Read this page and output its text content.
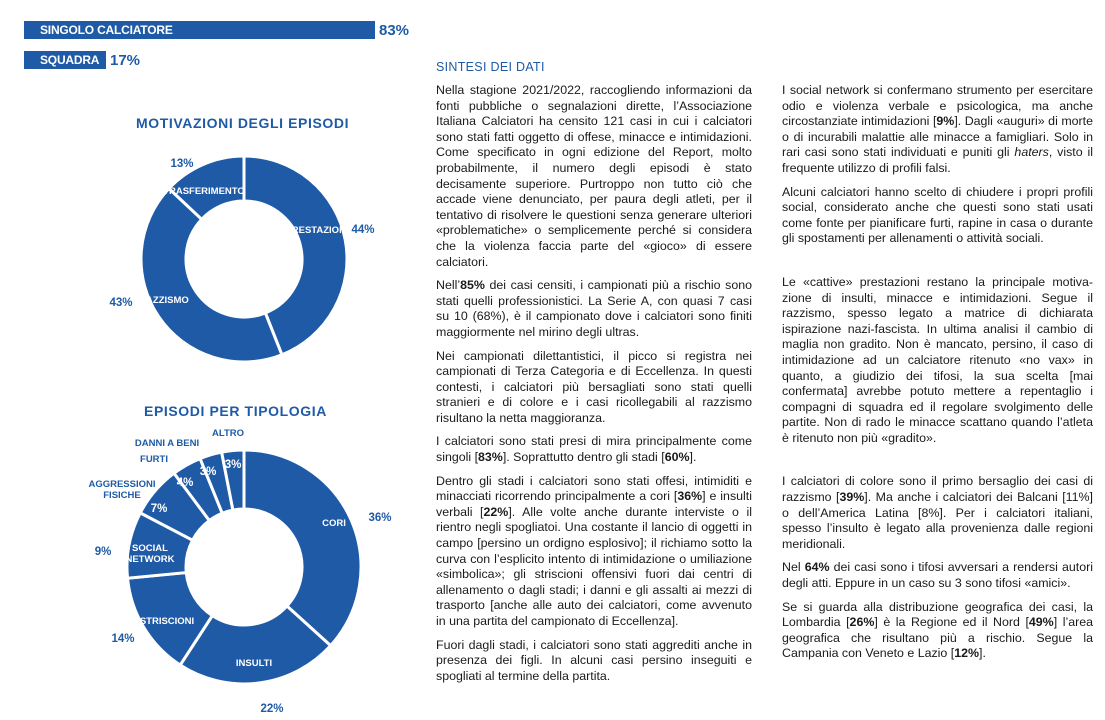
SINGOLO CALCIATORE	83%
SQUADRA 17%
MOTIVAZIONI DEGLI EPISODI
PRESTAZIONI
RAZZISMO
TRASFERIMENTO
44%
43%
13%
EPISODI PER TIPOLOGIA
CORI
INSULTI
STRISCIONI
SOCIAL
NETWORK
AGGRESSIONI
FISICHE
FURTI
DANNI A BENI
ALTRO
36%
22%
14%
9%
7%
4%
3%
3%
SINTESI DEI DATI

Nella stagione 2021/2022, raccogliendo informazioni da fonti pubbliche o segnalazioni dirette, l’Associazione Italiana Calciatori ha censito 121 casi in cui i calciatori sono stati fatti oggetto di offese, minacce e intimidazioni. Come specificato in ogni edizione del Report, molto probabilmente, il numero degli episodi è stato decisamente superiore. Purtroppo non tutto ciò che accade viene denunciato, per paura degli atleti, per il tentativo di risolvere le questioni senza generare ulteriori «problematiche» o semplicemente perché si considera che la violenza faccia parte del «gioco» di essere calciatori.

Nell’85% dei casi censiti, i campionati più a rischio sono stati quelli professionistici. La Serie A, con quasi 7 casi su 10 (68%), è il campionato dove i calciatori sono finiti maggiormente nel mirino degli ultras.

Nei campionati dilettantistici, il picco si registra nei campionati di Terza Categoria e di Eccellenza. In questi contesti, i calciatori più bersagliati sono stati quelli stranieri e di colore e i casi ricollegabili al razzismo risultano la netta maggioranza.

I calciatori sono stati presi di mira principalmente come singoli [83%]. Soprattutto dentro gli stadi [60%].

Dentro gli stadi i calciatori sono stati offesi, intimiditi e minacciati ricorrendo principalmente a cori [36%] e insulti verbali [22%]. Alle volte anche durante interviste o il rientro negli spogliatoi. Una costante il lancio di oggetti in campo [persino un ordigno esplosivo]; il richiamo sotto la curva con l’esplicito intento di intimidazione o umiliazione «simbolica»; gli striscioni offensivi fuori dai centri di allenamento o dagli stadi; i danni e gli assalti ai mezzi di trasporto [anche alle auto dei calciatori, come avvenuto in una partita del campionato di Eccellenza].

Fuori dagli stadi, i calciatori sono stati aggrediti anche in presenza dei figli. In alcuni casi persino inseguiti e spogliati al termine della partita.

I social network si confermano strumento per esercitare odio e violenza verbale e psicologica, ma anche circostanziate intimidazioni [9%]. Dagli «auguri» di morte o di incurabili malattie alle minacce a famigliari. Solo in rari casi sono stati individuati e puniti gli haters, visto il frequente utilizzo di profili falsi.

Alcuni calciatori hanno scelto di chiudere i propri profili social, considerato anche che questi sono stati usati come fonte per pianificare furti, rapine in casa o durante gli spostamenti per allenamenti o attività sociali.

Le «cattive» prestazioni restano la principale motivazione di insulti, minacce e intimidazioni. Segue il razzismo, spesso legato a matrice di dichiarata ispirazione nazi-fascista. In ultima analisi il cambio di maglia non gradito. Non è mancato, persino, il caso di intimidazione ad un calciatore ritenuto «no vax» in quanto, a giudizio dei tifosi, la sua scelta [mai confermata] avrebbe potuto mettere a repentaglio i compagni di squadra ed il regolare svolgimento delle partite. Non di rado le minacce scattano quando l’atleta è ritenuto non più «gradito».

I calciatori di colore sono il primo bersaglio dei casi di razzismo [39%]. Ma anche i calciatori dei Balcani [11%] o dell’America Latina [8%]. Per i calciatori italiani, spesso l’insulto è legato alla provenienza dalle regioni meridionali.

Nel 64% dei casi sono i tifosi avversari a rendersi autori degli atti. Eppure in un caso su 3 sono tifosi «amici».

Se si guarda alla distribuzione geografica dei casi, la Lombardia [26%] è la Regione ed il Nord [49%] l’area geografica che risultano più a rischio. Segue la Campania con Veneto e Lazio [12%].
